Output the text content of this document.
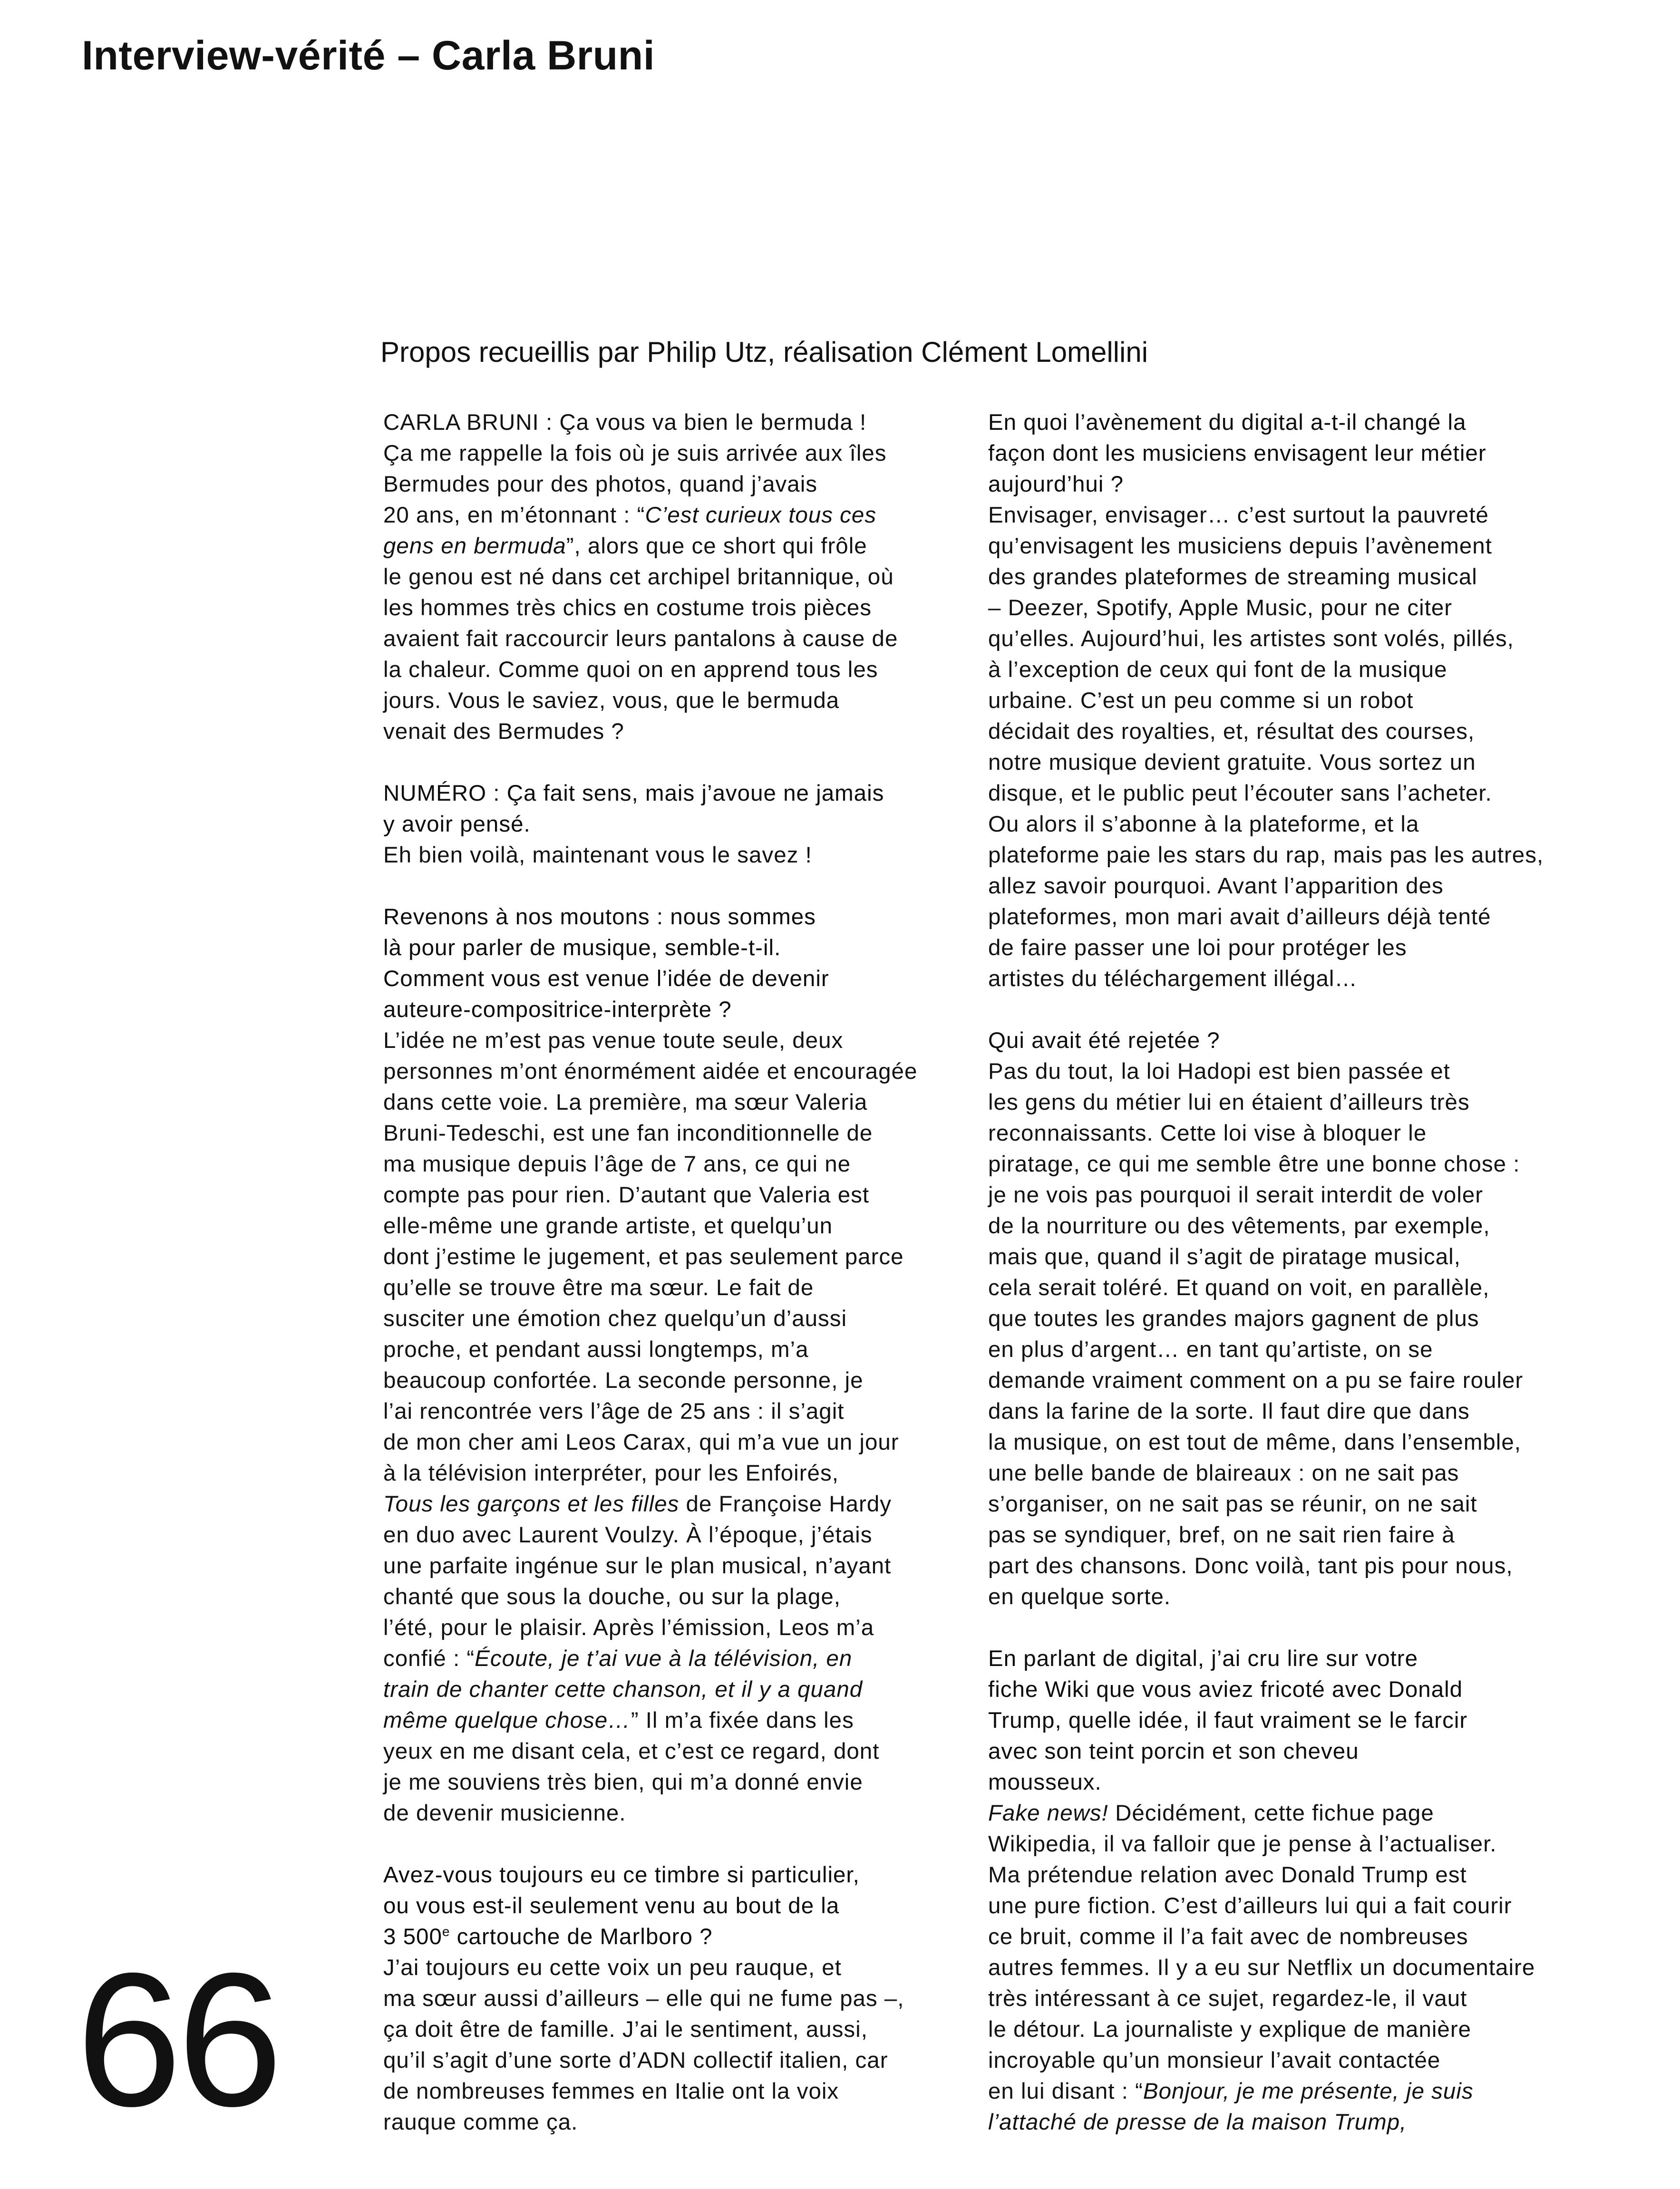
Interview-vérité – Carla Bruni
Propos recueillis par Philip Utz, réalisation Clément Lomellini

CARLA BRUNI : Ça vous va bien le bermuda !

Ça me rappelle la fois où je suis arrivée aux îles

Bermudes pour des photos, quand j’avais

20 ans, en m’étonnant : “C’est curieux tous ces

gens en bermuda”, alors que ce short qui frôle

le genou est né dans cet archipel britannique, où

les hommes très chics en costume trois pièces

avaient fait raccourcir leurs pantalons à cause de

la chaleur. Comme quoi on en apprend tous les

jours. Vous le saviez, vous, que le bermuda

venait des Bermudes ?

NUMÉRO : Ça fait sens, mais j’avoue ne jamais

y avoir pensé.

Eh bien voilà, maintenant vous le savez !

Revenons à nos moutons : nous sommes

là pour parler de musique, semble-t-il.

Comment vous est venue l’idée de devenir

auteure-compositrice-interprète ?

L’idée ne m’est pas venue toute seule, deux

personnes m’ont énormément aidée et encouragée

dans cette voie. La première, ma sœur Valeria

Bruni-Tedeschi, est une fan inconditionnelle de

ma musique depuis l’âge de 7 ans, ce qui ne

compte pas pour rien. D’autant que Valeria est

elle-même une grande artiste, et quelqu’un

dont j’estime le jugement, et pas seulement parce

qu’elle se trouve être ma sœur. Le fait de

susciter une émotion chez quelqu’un d’aussi

proche, et pendant aussi longtemps, m’a

beaucoup confortée. La seconde personne, je

l’ai rencontrée vers l’âge de 25 ans : il s’agit

de mon cher ami Leos Carax, qui m’a vue un jour

à la télévision interpréter, pour les Enfoirés,

Tous les garçons et les filles de Françoise Hardy

en duo avec Laurent Voulzy. À l’époque, j’étais

une parfaite ingénue sur le plan musical, n’ayant

chanté que sous la douche, ou sur la plage,

l’été, pour le plaisir. Après l’émission, Leos m’a

confié : “Écoute, je t’ai vue à la télévision, en

train de chanter cette chanson, et il y a quand

même quelque chose…” Il m’a fixée dans les

yeux en me disant cela, et c’est ce regard, dont

je me souviens très bien, qui m’a donné envie

de devenir musicienne.

Avez-vous toujours eu ce timbre si particulier,

ou vous est-il seulement venu au bout de la

3 500e cartouche de Marlboro ?

J’ai toujours eu cette voix un peu rauque, et

ma sœur aussi d’ailleurs – elle qui ne fume pas –,

ça doit être de famille. J’ai le sentiment, aussi,

qu’il s’agit d’une sorte d’ADN collectif italien, car

de nombreuses femmes en Italie ont la voix

rauque comme ça.

En quoi l’avènement du digital a-t-il changé la

façon dont les musiciens envisagent leur métier

aujourd’hui ?

Envisager, envisager… c’est surtout la pauvreté

qu’envisagent les musiciens depuis l’avènement

des grandes plateformes de streaming musical

– Deezer, Spotify, Apple Music, pour ne citer

qu’elles. Aujourd’hui, les artistes sont volés, pillés,

à l’exception de ceux qui font de la musique

urbaine. C’est un peu comme si un robot

décidait des royalties, et, résultat des courses,

notre musique devient gratuite. Vous sortez un

disque, et le public peut l’écouter sans l’acheter.

Ou alors il s’abonne à la plateforme, et la

plateforme paie les stars du rap, mais pas les autres,

allez savoir pourquoi. Avant l’apparition des

plateformes, mon mari avait d’ailleurs déjà tenté

de faire passer une loi pour protéger les

artistes du téléchargement illégal…

Qui avait été rejetée ?

Pas du tout, la loi Hadopi est bien passée et

les gens du métier lui en étaient d’ailleurs très

reconnaissants. Cette loi vise à bloquer le

piratage, ce qui me semble être une bonne chose :

je ne vois pas pourquoi il serait interdit de voler

de la nourriture ou des vêtements, par exemple,

mais que, quand il s’agit de piratage musical,

cela serait toléré. Et quand on voit, en parallèle,

que toutes les grandes majors gagnent de plus

en plus d’argent… en tant qu’artiste, on se

demande vraiment comment on a pu se faire rouler

dans la farine de la sorte. Il faut dire que dans

la musique, on est tout de même, dans l’ensemble,

une belle bande de blaireaux : on ne sait pas

s’organiser, on ne sait pas se réunir, on ne sait

pas se syndiquer, bref, on ne sait rien faire à

part des chansons. Donc voilà, tant pis pour nous,

en quelque sorte.

En parlant de digital, j’ai cru lire sur votre

fiche Wiki que vous aviez fricoté avec Donald

Trump, quelle idée, il faut vraiment se le farcir

avec son teint porcin et son cheveu

mousseux.

Fake news! Décidément, cette fichue page

Wikipedia, il va falloir que je pense à l’actualiser.

Ma prétendue relation avec Donald Trump est

une pure fiction. C’est d’ailleurs lui qui a fait courir

ce bruit, comme il l’a fait avec de nombreuses

autres femmes. Il y a eu sur Netflix un documentaire

très intéressant à ce sujet, regardez-le, il vaut

le détour. La journaliste y explique de manière

incroyable qu’un monsieur l’avait contactée

en lui disant : “Bonjour, je me présente, je suis

l’attaché de presse de la maison Trump,

66
